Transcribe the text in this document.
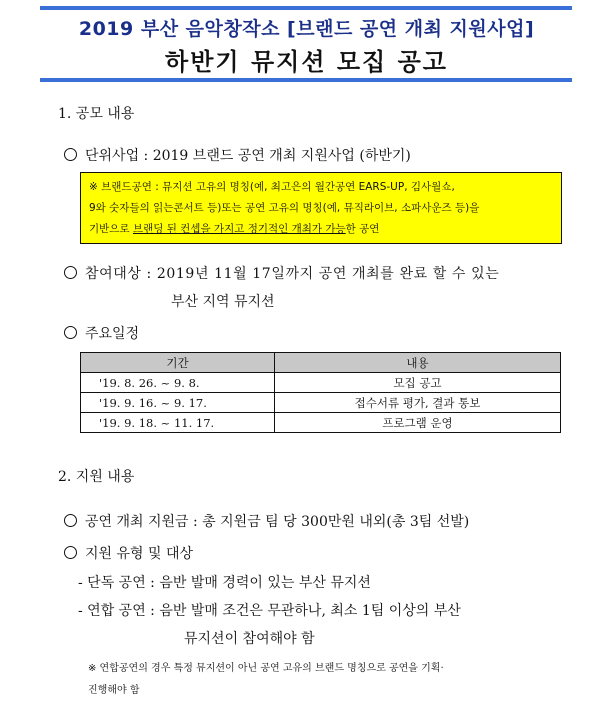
2019 부산 음악창작소 [브랜드 공연 개최 지원사업]
하반기 뮤지션 모집 공고
1. 공모 내용
단위사업 : 2019 브랜드 공연 개최 지원사업 (하반기)
※ 브랜드공연 : 뮤지션 고유의 명칭(예, 최고은의 월간공연 EARS-UP, 김사월쇼,
9와 숫자들의 읽는콘서트 등)또는 공연 고유의 명칭(예, 뮤직라이브, 소파사운즈 등)을
기반으로 브랜딩 된 컨셉을 가지고 정기적인 개최가 가능한 공연
참여대상 : 2019년 11월 17일까지 공연 개최를 완료 할 수 있는
부산 지역 뮤지션
주요일정
기간	내용
'19. 8. 26. ~ 9. 8.	모집 공고
'19. 9. 16. ~ 9. 17.	접수서류 평가, 결과 통보
'19. 9. 18. ~ 11. 17.	프로그램 운영
2. 지원 내용
공연 개최 지원금 : 총 지원금 팀 당 300만원 내외(총 3팀 선발)
지원 유형 및 대상
- 단독 공연 : 음반 발매 경력이 있는 부산 뮤지션
- 연합 공연 : 음반 발매 조건은 무관하나, 최소 1팀 이상의 부산
뮤지션이 참여해야 함
※ 연합공연의 경우 특정 뮤지션이 아닌 공연 고유의 브랜드 명칭으로 공연을 기획·
진행해야 함
